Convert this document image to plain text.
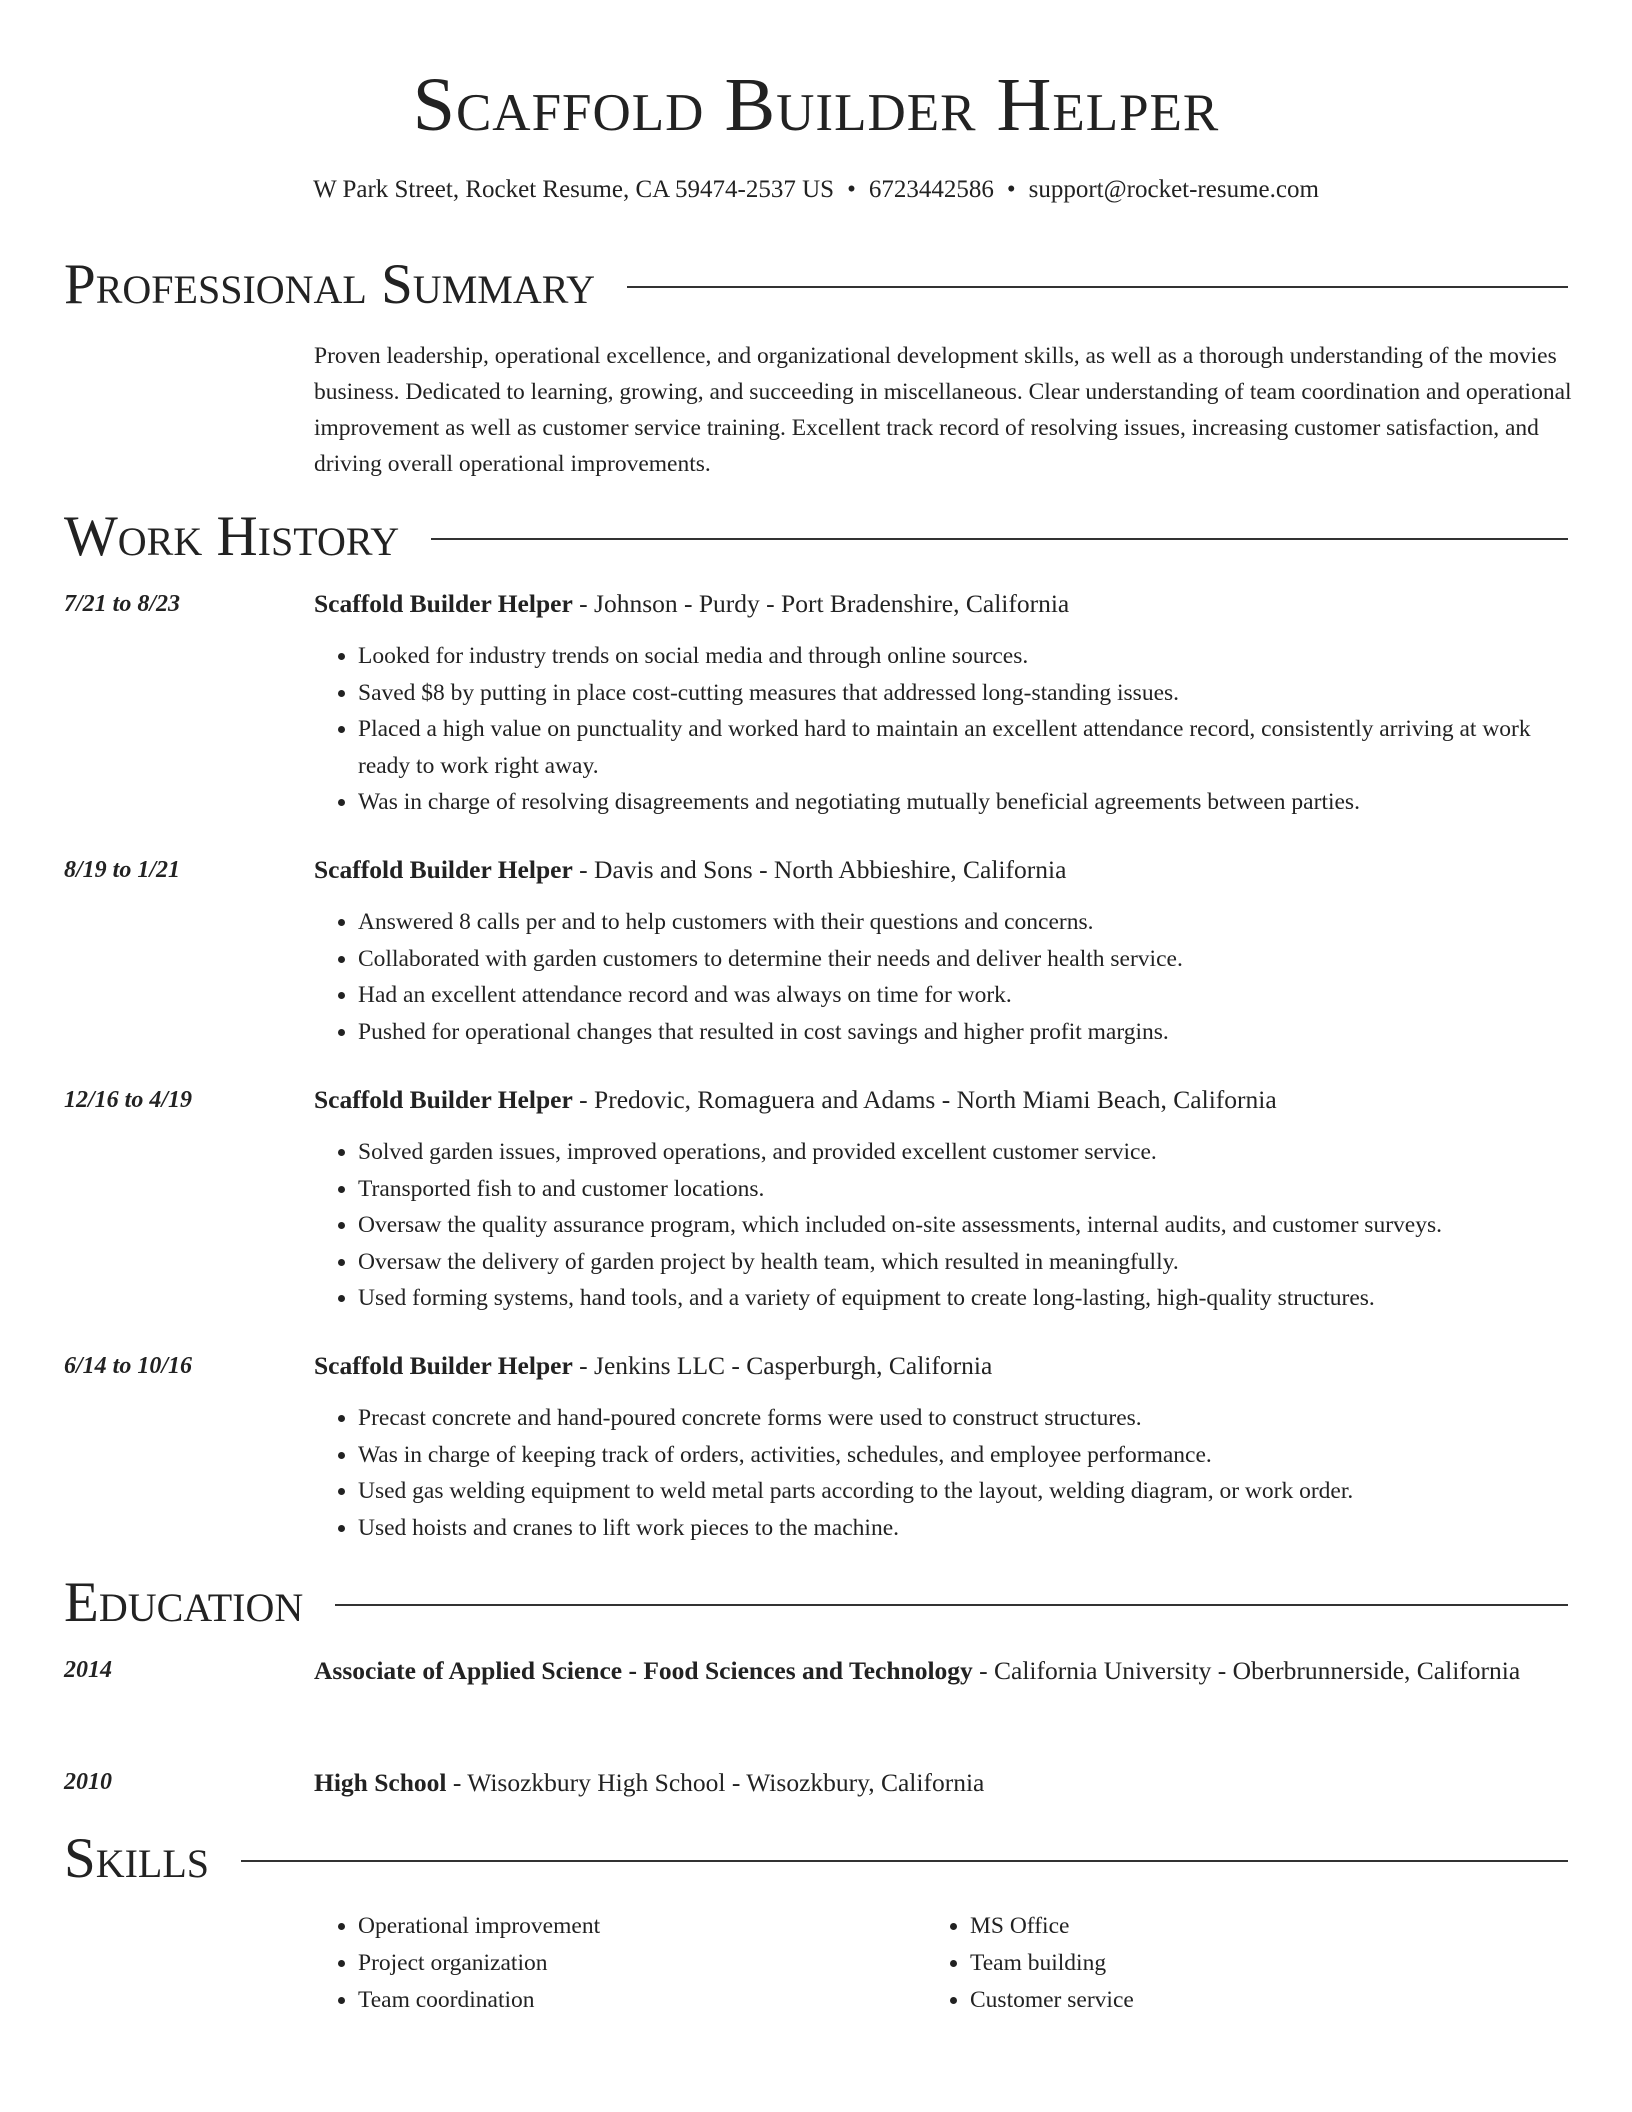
Scaffold Builder Helper
W Park Street, Rocket Resume, CA 59474-2537 US • 6723442586 • support@rocket-resume.com
Professional Summary
Proven leadership, operational excellence, and organizational development skills, as well as a thorough understanding of the movies business. Dedicated to learning, growing, and succeeding in miscellaneous. Clear understanding of team coordination and operational improvement as well as customer service training. Excellent track record of resolving issues, increasing customer satisfaction, and driving overall operational improvements.
Work History
7/21 to 8/23	Scaffold Builder Helper - Johnson - Purdy - Port Bradenshire, California
• Looked for industry trends on social media and through online sources.
• Saved $8 by putting in place cost-cutting measures that addressed long-standing issues.
• Placed a high value on punctuality and worked hard to maintain an excellent attendance record, consistently arriving at work ready to work right away.
• Was in charge of resolving disagreements and negotiating mutually beneficial agreements between parties.
8/19 to 1/21	Scaffold Builder Helper - Davis and Sons - North Abbieshire, California
• Answered 8 calls per and to help customers with their questions and concerns.
• Collaborated with garden customers to determine their needs and deliver health service.
• Had an excellent attendance record and was always on time for work.
• Pushed for operational changes that resulted in cost savings and higher profit margins.
12/16 to 4/19	Scaffold Builder Helper - Predovic, Romaguera and Adams - North Miami Beach, California
• Solved garden issues, improved operations, and provided excellent customer service.
• Transported fish to and customer locations.
• Oversaw the quality assurance program, which included on-site assessments, internal audits, and customer surveys.
• Oversaw the delivery of garden project by health team, which resulted in meaningfully.
• Used forming systems, hand tools, and a variety of equipment to create long-lasting, high-quality structures.
6/14 to 10/16	Scaffold Builder Helper - Jenkins LLC - Casperburgh, California
• Precast concrete and hand-poured concrete forms were used to construct structures.
• Was in charge of keeping track of orders, activities, schedules, and employee performance.
• Used gas welding equipment to weld metal parts according to the layout, welding diagram, or work order.
• Used hoists and cranes to lift work pieces to the machine.
Education
2014	Associate of Applied Science - Food Sciences and Technology - California University - Oberbrunnerside, California
2010	High School - Wisozkbury High School - Wisozkbury, California
Skills
• Operational improvement
• Project organization
• Team coordination
• MS Office
• Team building
• Customer service
